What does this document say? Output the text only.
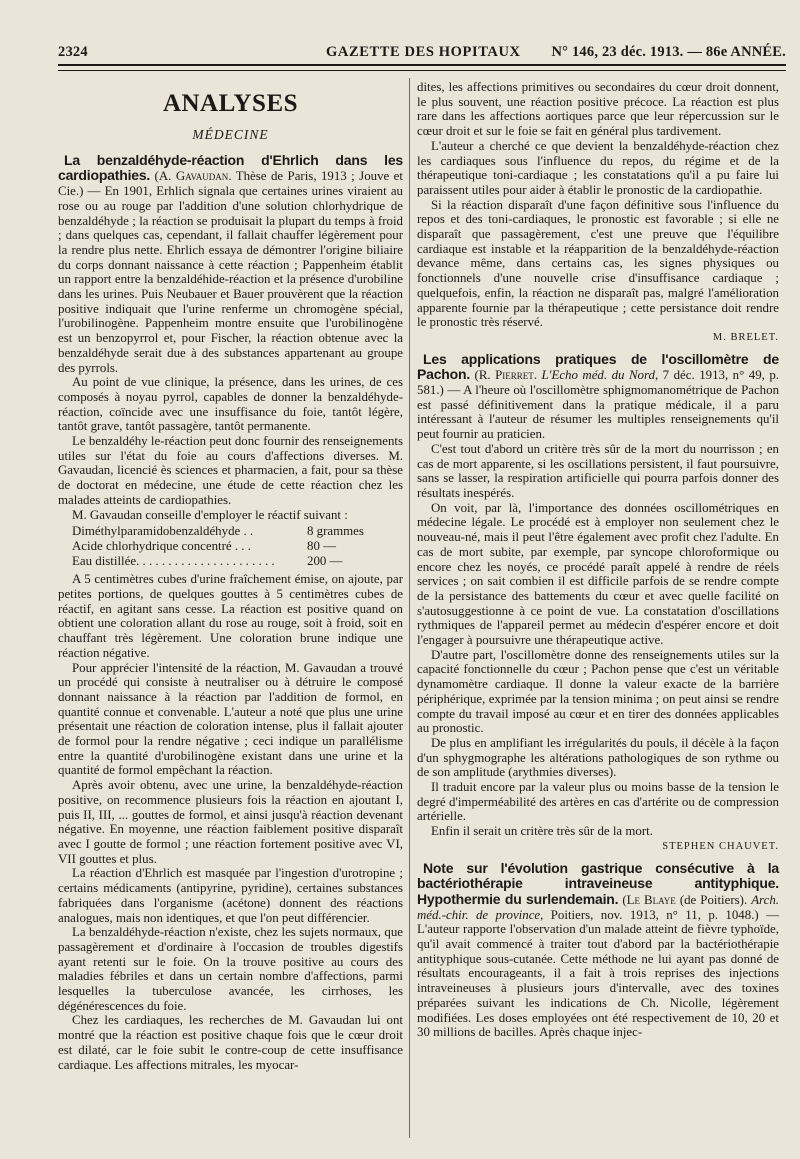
2324	GAZETTE DES HOPITAUX N° 146, 23 déc. 1913. — 86e ANNÉE.
ANALYSES
MÉDECINE

La benzaldéhyde-réaction d'Ehrlich dans les cardiopathies. (A. Gavaudan. Thèse de Paris, 1913 ; Jouve et Cie.) — En 1901, Erhlich signala que certaines urines viraient au rose ou au rouge par l'addition d'une solution chlorhydrique de benzaldéhyde ; la réaction se produisait la plupart du temps à froid ; dans quelques cas, cependant, il fallait chauffer légèrement pour la rendre plus nette. Ehrlich essaya de démontrer l'origine biliaire du corps donnant naissance à cette réaction ; Pappenheim établit un rapport entre la benzaldéhide-réaction et la présence d'urobiline dans les urines. Puis Neubauer et Bauer prouvèrent que la réaction positive indiquait que l'urine renferme un chromogène spécial, l'urobilinogène. Pappenheim montre ensuite que l'urobilinogène est un benzopyrrol et, pour Fischer, la réaction obtenue avec la benzaldéhyde serait due à des substances appartenant au groupe des pyrrols.

Au point de vue clinique, la présence, dans les urines, de ces composés à noyau pyrrol, capables de donner la benzaldéhyde-réaction, coïncide avec une insuffisance du foie, tantôt légère, tantôt grave, tantôt passagère, tantôt permanente.

Le benzaldéhy le-réaction peut donc fournir des renseignements utiles sur l'état du foie au cours d'affections diverses. M. Gavaudan, licencié ès sciences et pharmacien, a fait, pour sa thèse de doctorat en médecine, une étude de cette réaction chez les malades atteints de cardiopathies.

M. Gavaudan conseille d'employer le réactif suivant :

Diméthylparamidobenzaldéhyde . .	8 grammes
Acide chlorhydrique concentré . . .	80 —
Eau distillée. . . . . . . . . . . . . . . . . . . . . .	200 —

A 5 centimètres cubes d'urine fraîchement émise, on ajoute, par petites portions, de quelques gouttes à 5 centimètres cubes de réactif, en agitant sans cesse. La réaction est positive quand on obtient une coloration allant du rose au rouge, soit à froid, soit en chauffant très légèrement. Une coloration brune indique une réaction négative.

Pour apprécier l'intensité de la réaction, M. Gavaudan a trouvé un procédé qui consiste à neutraliser ou à détruire le composé donnant naissance à la réaction par l'addition de formol, en quantité connue et convenable. L'auteur a noté que plus une urine présentait une réaction de coloration intense, plus il fallait ajouter de formol pour la rendre négative ; ceci indique un parallélisme entre la quantité d'urobilinogène existant dans une urine et la quantité de formol empêchant la réaction.

Après avoir obtenu, avec une urine, la benzaldéhyde-réaction positive, on recommence plusieurs fois la réaction en ajoutant I, puis II, III, ... gouttes de formol, et ainsi jusqu'à réaction devenant négative. En moyenne, une réaction faiblement positive disparaît avec I goutte de formol ; une réaction fortement positive avec VI, VII gouttes et plus.

La réaction d'Ehrlich est masquée par l'ingestion d'urotropine ; certains médicaments (antipyrine, pyridine), certaines substances fabriquées dans l'organisme (acétone) donnent des réactions analogues, mais non identiques, et que l'on peut différencier.

La benzaldéhyde-réaction n'existe, chez les sujets normaux, que passagèrement et d'ordinaire à l'occasion de troubles digestifs ayant retenti sur le foie. On la trouve positive au cours des maladies fébriles et dans un certain nombre d'affections, parmi lesquelles la tuberculose avancée, les cirrhoses, les dégénérescences du foie.

Chez les cardiaques, les recherches de M. Gavaudan lui ont montré que la réaction est positive chaque fois que le cœur droit est dilaté, car le foie subit le contre-coup de cette insuffisance cardiaque. Les affections mitrales, les myocar-

dites, les affections primitives ou secondaires du cœur droit donnent, le plus souvent, une réaction positive précoce. La réaction est plus rare dans les affections aortiques parce que leur répercussion sur le cœur droit et sur le foie se fait en général plus tardivement.

L'auteur a cherché ce que devient la benzaldéhyde-réaction chez les cardiaques sous l'influence du repos, du régime et de la thérapeutique toni-cardiaque ; les constatations qu'il a pu faire lui paraissent utiles pour aider à établir le pronostic de la cardiopathie.

Si la réaction disparaît d'une façon définitive sous l'influence du repos et des toni-cardiaques, le pronostic est favorable ; si elle ne disparaît que passagèrement, c'est une preuve que l'équilibre cardiaque est instable et la réapparition de la benzaldéhyde-réaction devance même, dans certains cas, les signes physiques ou fonctionnels d'une nouvelle crise d'insuffisance cardiaque ; quelquefois, enfin, la réaction ne disparaît pas, malgré l'amélioration apparente fournie par la thérapeutique ; cette persistance doit rendre le pronostic très réservé.

M. BRELET.

Les applications pratiques de l'oscillomètre de Pachon. (R. Pierret. L'Echo méd. du Nord, 7 déc. 1913, n° 49, p. 581.) — A l'heure où l'oscillomètre sphigmomanométrique de Pachon est passé définitivement dans la pratique médicale, il a paru intéressant à l'auteur de résumer les multiples renseignements qu'il peut fournir au praticien.

C'est tout d'abord un critère très sûr de la mort du nourrisson ; en cas de mort apparente, si les oscillations persistent, il faut poursuivre, sans se lasser, la respiration artificielle qui pourra parfois donner des résultats inespérés.

On voit, par là, l'importance des données oscillométriques en médecine légale. Le procédé est à employer non seulement chez le nouveau-né, mais il peut l'être également avec profit chez l'adulte. En cas de mort subite, par exemple, par syncope chloroformique ou encore chez les noyés, ce procédé paraît appelé à rendre de réels services ; on sait combien il est difficile parfois de se rendre compte de la persistance des battements du cœur et avec quelle facilité on s'autosuggestionne à ce point de vue. La constatation d'oscillations rythmiques de l'appareil permet au médecin d'espérer encore et doit l'engager à poursuivre une thérapeutique active.

D'autre part, l'oscillomètre donne des renseignements utiles sur la capacité fonctionnelle du cœur ; Pachon pense que c'est un véritable dynamomètre cardiaque. Il donne la valeur exacte de la barrière périphérique, exprimée par la tension minima ; on peut ainsi se rendre compte du travail imposé au cœur et en tirer des données applicables au pronostic.

De plus en amplifiant les irrégularités du pouls, il décèle à la façon d'un sphygmographe les altérations pathologiques de son rythme ou de son amplitude (arythmies diverses).

Il traduit encore par la valeur plus ou moins basse de la tension le degré d'imperméabilité des artères en cas d'artérite ou de compression artérielle.

Enfin il serait un critère très sûr de la mort.

STEPHEN CHAUVET.

Note sur l'évolution gastrique consécutive à la bactériothérapie intraveineuse antityphique. Hypothermie du surlendemain. (Le Blaye (de Poitiers). Arch. méd.-chir. de province, Poitiers, nov. 1913, n° 11, p. 1048.) — L'auteur rapporte l'observation d'un malade atteint de fièvre typhoïde, qu'il avait commencé à traiter tout d'abord par la bactériothérapie antityphique sous-cutanée. Cette méthode ne lui ayant pas donné de résultats encourageants, il a fait à trois reprises des injections intraveineuses à plusieurs jours d'intervalle, avec des toxines préparées suivant les indications de Ch. Nicolle, légèrement modifiées. Les doses employées ont été respectivement de 10, 20 et 30 millions de bacilles. Après chaque injec-
